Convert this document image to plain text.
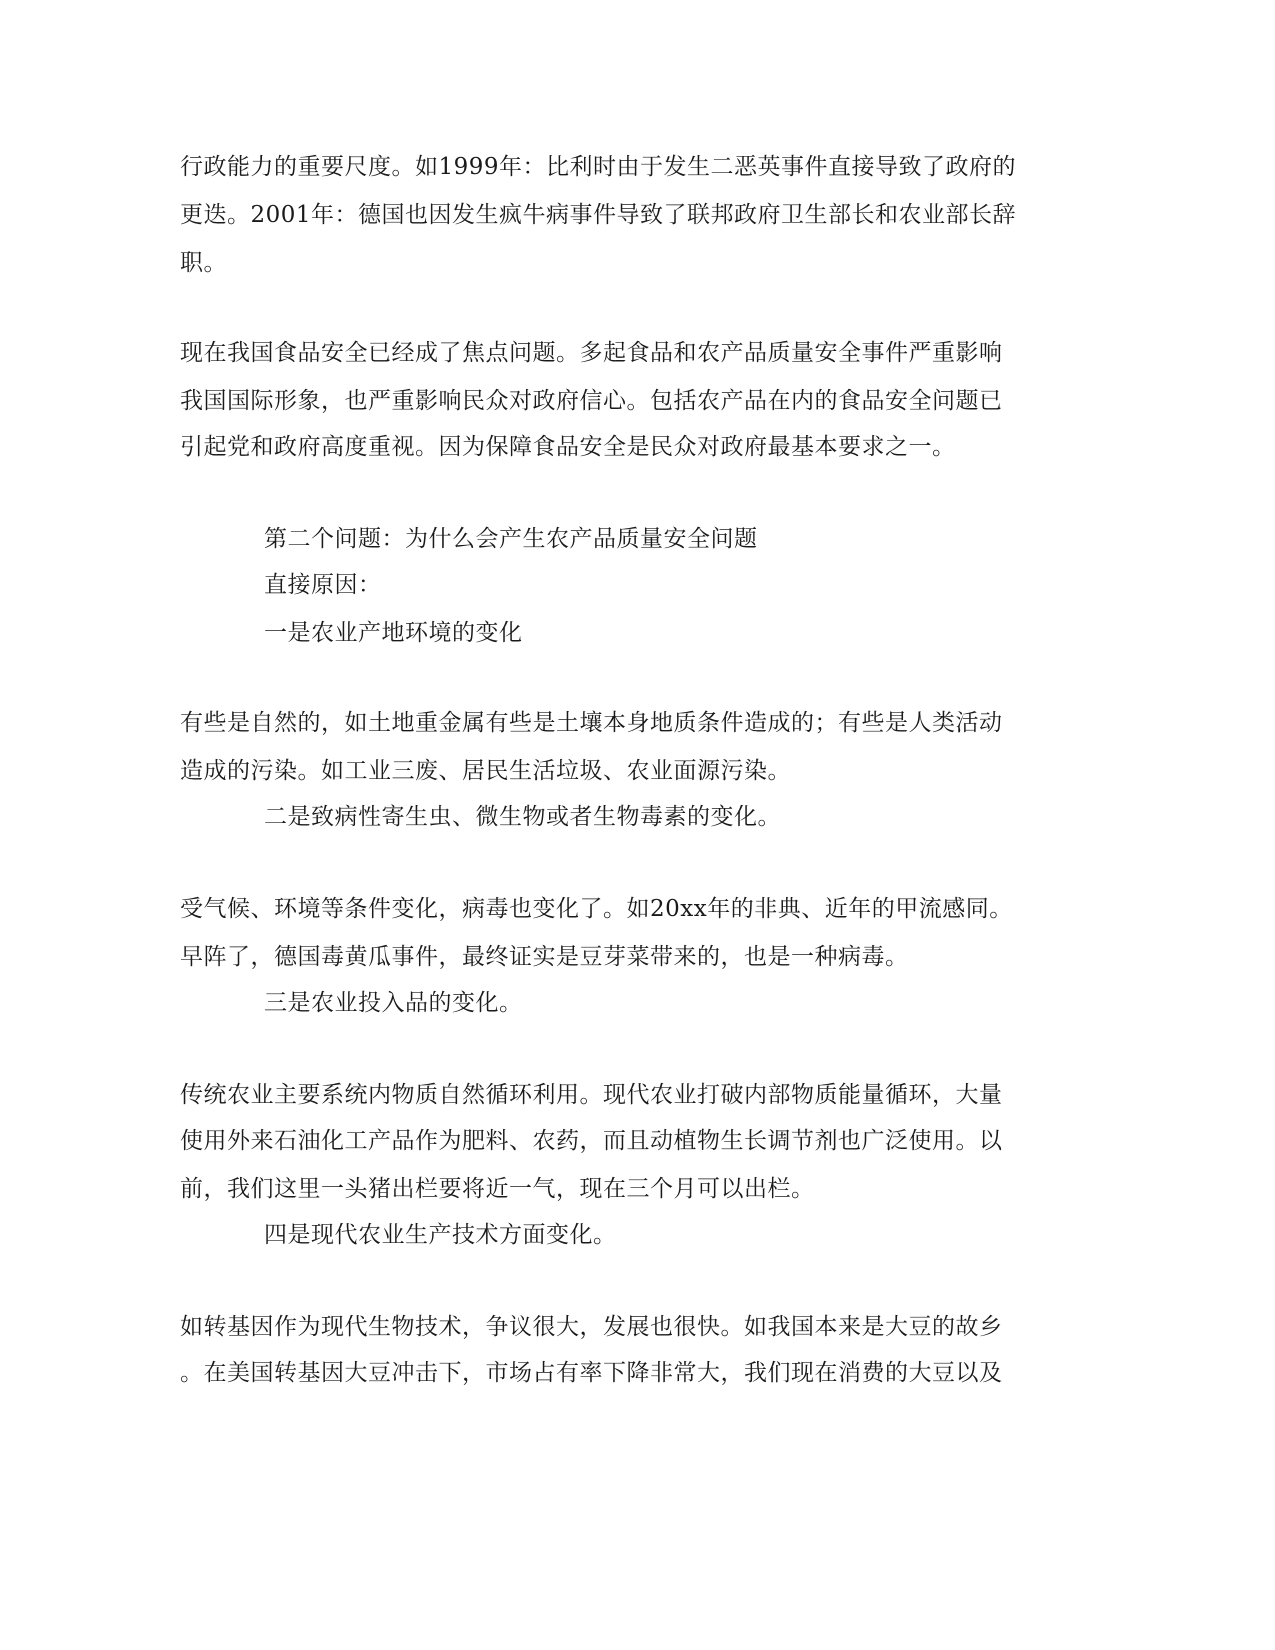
行政能力的重要尺度。如1999年：比利时由于发生二恶英事件直接导致了政府的
更迭。2001年：德国也因发生疯牛病事件导致了联邦政府卫生部长和农业部长辞
职。
现在我国食品安全已经成了焦点问题。多起食品和农产品质量安全事件严重影响
我国国际形象，也严重影响民众对政府信心。包括农产品在内的食品安全问题已
引起党和政府高度重视。因为保障食品安全是民众对政府最基本要求之一。
第二个问题：为什么会产生农产品质量安全问题
直接原因：
一是农业产地环境的变化
有些是自然的，如土地重金属有些是土壤本身地质条件造成的；有些是人类活动
造成的污染。如工业三废、居民生活垃圾、农业面源污染。
二是致病性寄生虫、微生物或者生物毒素的变化。
受气候、环境等条件变化，病毒也变化了。如20xx年的非典、近年的甲流感同。
早阵了，德国毒黄瓜事件，最终证实是豆芽菜带来的，也是一种病毒。
三是农业投入品的变化。
传统农业主要系统内物质自然循环利用。现代农业打破内部物质能量循环，大量
使用外来石油化工产品作为肥料、农药，而且动植物生长调节剂也广泛使用。以
前，我们这里一头猪出栏要将近一气，现在三个月可以出栏。
四是现代农业生产技术方面变化。
如转基因作为现代生物技术，争议很大，发展也很快。如我国本来是大豆的故乡
。在美国转基因大豆冲击下，市场占有率下降非常大，我们现在消费的大豆以及
